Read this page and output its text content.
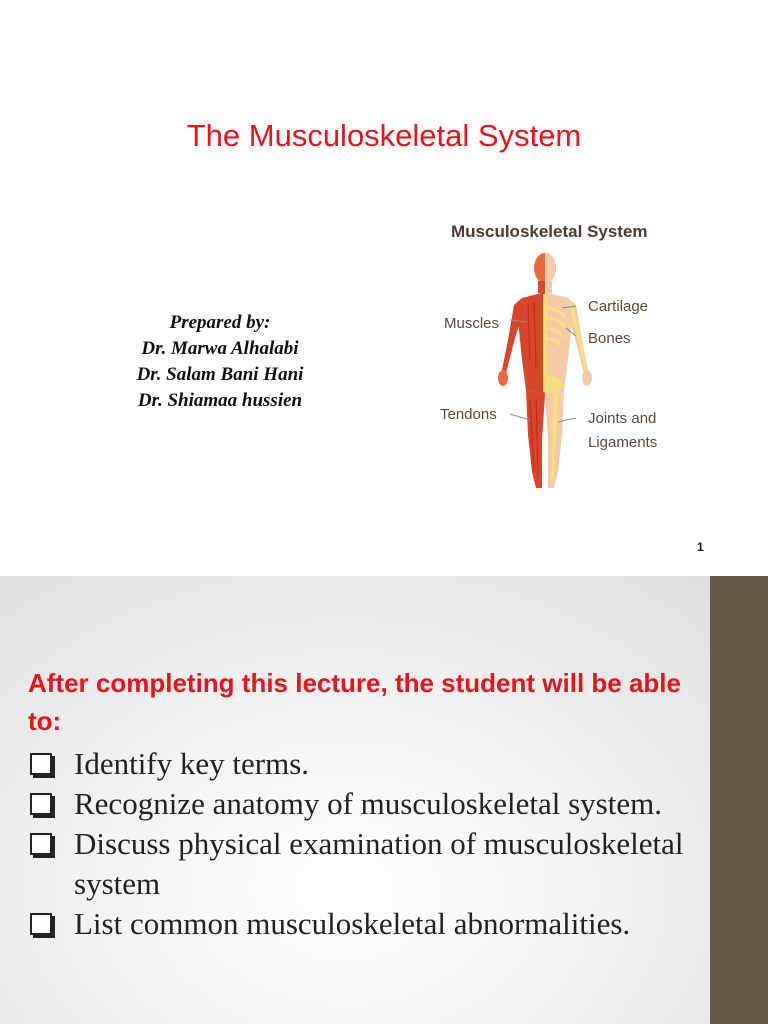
The Musculoskeletal System
Prepared by:
Dr. Marwa Alhalabi
Dr. Salam Bani Hani
Dr. Shiamaa hussien
Musculoskeletal System
Muscles
Cartilage
Bones
Tendons	Joints and
Ligaments
1
After completing this lecture, the student will be able to:
Identify key terms.
Recognize anatomy of musculoskeletal system.
Discuss physical examination of musculoskeletal system
List common musculoskeletal abnormalities.
